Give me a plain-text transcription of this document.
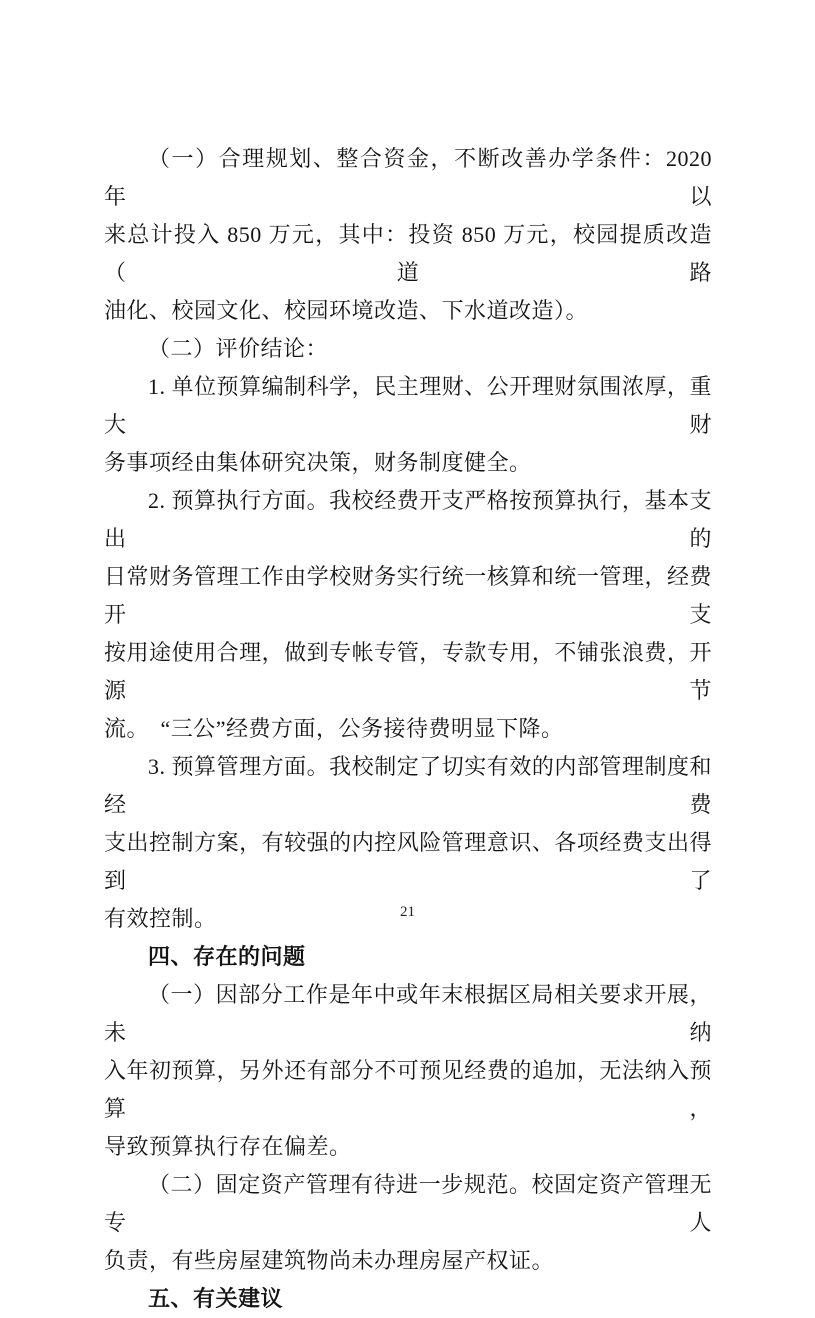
（一）合理规划、整合资金，不断改善办学条件：2020 年以
来总计投入 850 万元，其中：投资 850 万元，校园提质改造（道路
油化、校园文化、校园环境改造、下水道改造）。
（二）评价结论：
1. 单位预算编制科学，民主理财、公开理财氛围浓厚，重大财
务事项经由集体研究决策，财务制度健全。
2. 预算执行方面。我校经费开支严格按预算执行，基本支出的
日常财务管理工作由学校财务实行统一核算和统一管理，经费开支
按用途使用合理，做到专帐专管，专款专用，不铺张浪费，开源节
流。　“三公”经费方面，公务接待费明显下降。
3. 预算管理方面。我校制定了切实有效的内部管理制度和经费
支出控制方案，有较强的内控风险管理意识、各项经费支出得到了
有效控制。
四、存在的问题
（一）因部分工作是年中或年末根据区局相关要求开展，未纳
入年初预算，另外还有部分不可预见经费的追加，无法纳入预算，
导致预算执行存在偏差。
（二）固定资产管理有待进一步规范。校固定资产管理无专人
负责，有些房屋建筑物尚未办理房屋产权证。
五、有关建议
21
